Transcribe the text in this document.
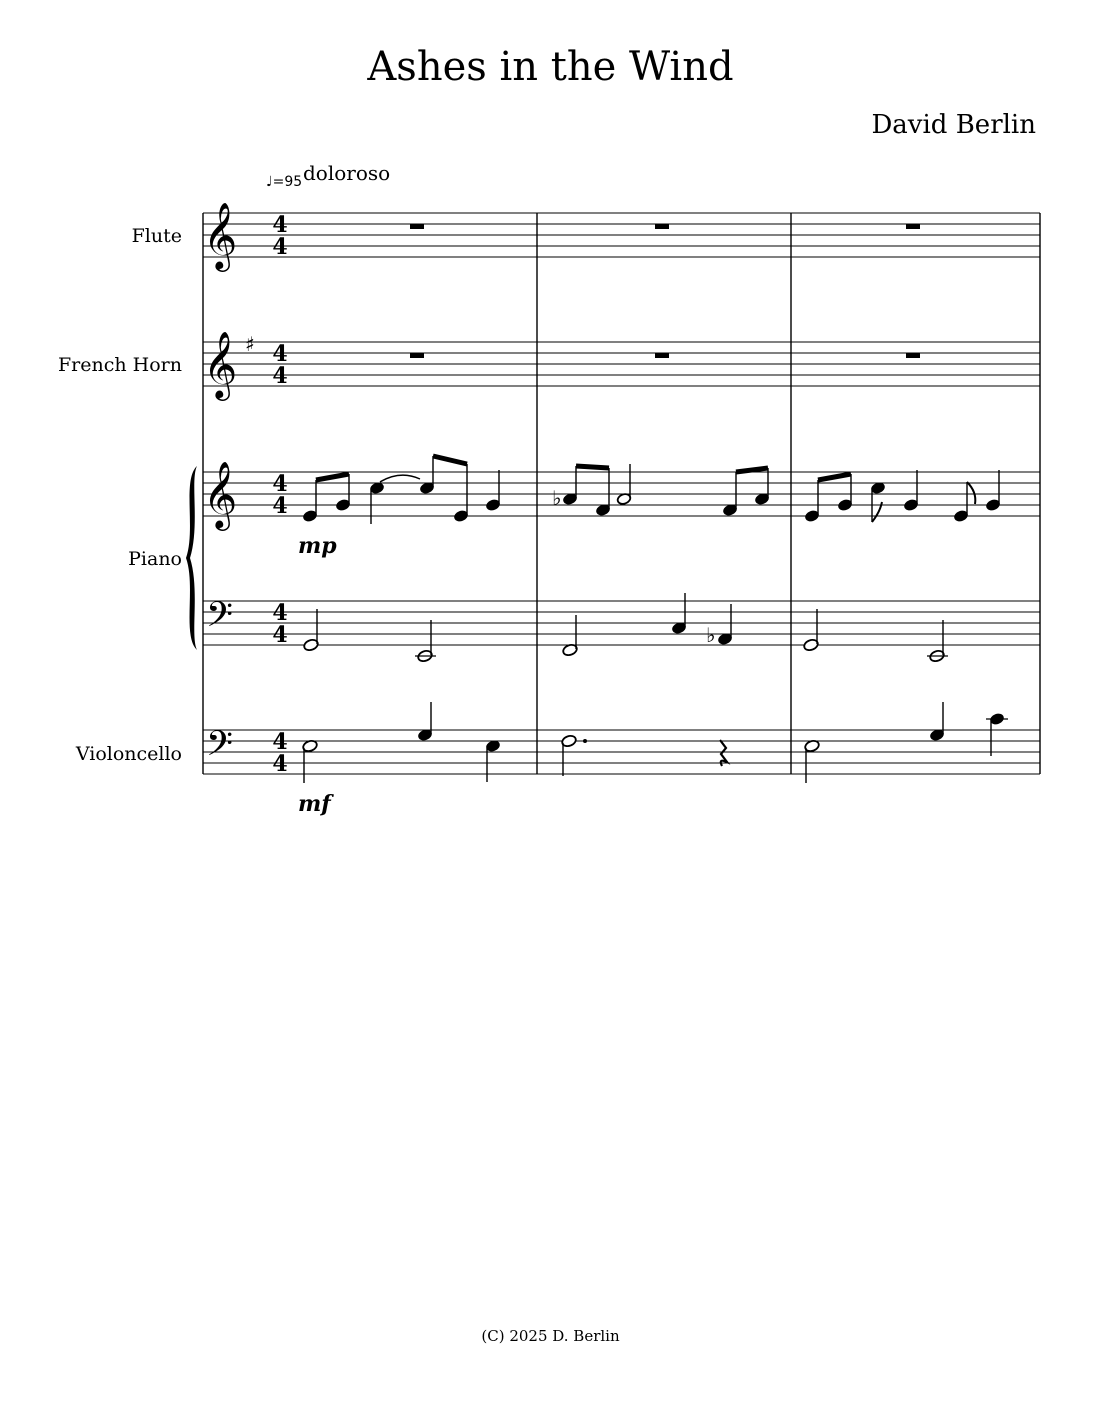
Ashes in the Wind
David Berlin
doloroso
♩=95
Flute
French Horn
Piano
Violoncello
𝄞
𝄞
𝄞
𝄢
𝄢
♯
4
4
4
4
4
4
4
4
4
4
♭
♭
mp
mf
(C) 2025 D. Berlin
